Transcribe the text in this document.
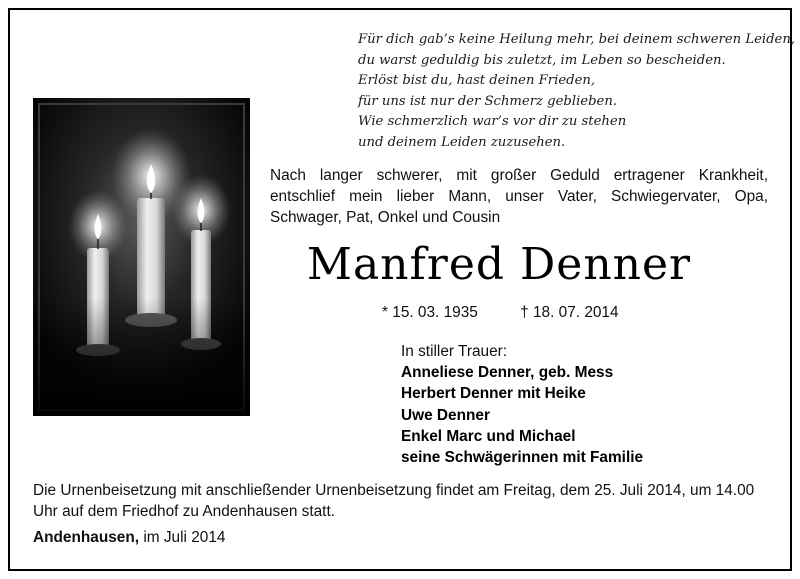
Für dich gab’s keine Heilung mehr, bei deinem schweren Leiden,
du warst geduldig bis zuletzt, im Leben so bescheiden.
Erlöst bist du, hast deinen Frieden,
für uns ist nur der Schmerz geblieben.
Wie schmerzlich war’s vor dir zu stehen
und deinem Leiden zuzusehen.
Nach langer schwerer, mit großer Geduld ertragener Krankheit, entschlief mein lieber Mann, unser Vater, Schwiegervater, Opa, Schwager, Pat, Onkel und Cousin
Manfred Denner
* 15. 03. 1935	† 18. 07. 2014
In stiller Trauer:
Anneliese Denner, geb. Mess
Herbert Denner mit Heike
Uwe Denner
Enkel Marc und Michael
seine Schwägerinnen mit Familie
Die Urnenbeisetzung mit anschließender Urnenbeisetzung findet am Freitag, dem 25. Juli 2014, um 14.00 Uhr auf dem Friedhof zu Andenhausen statt.
Andenhausen, im Juli 2014
